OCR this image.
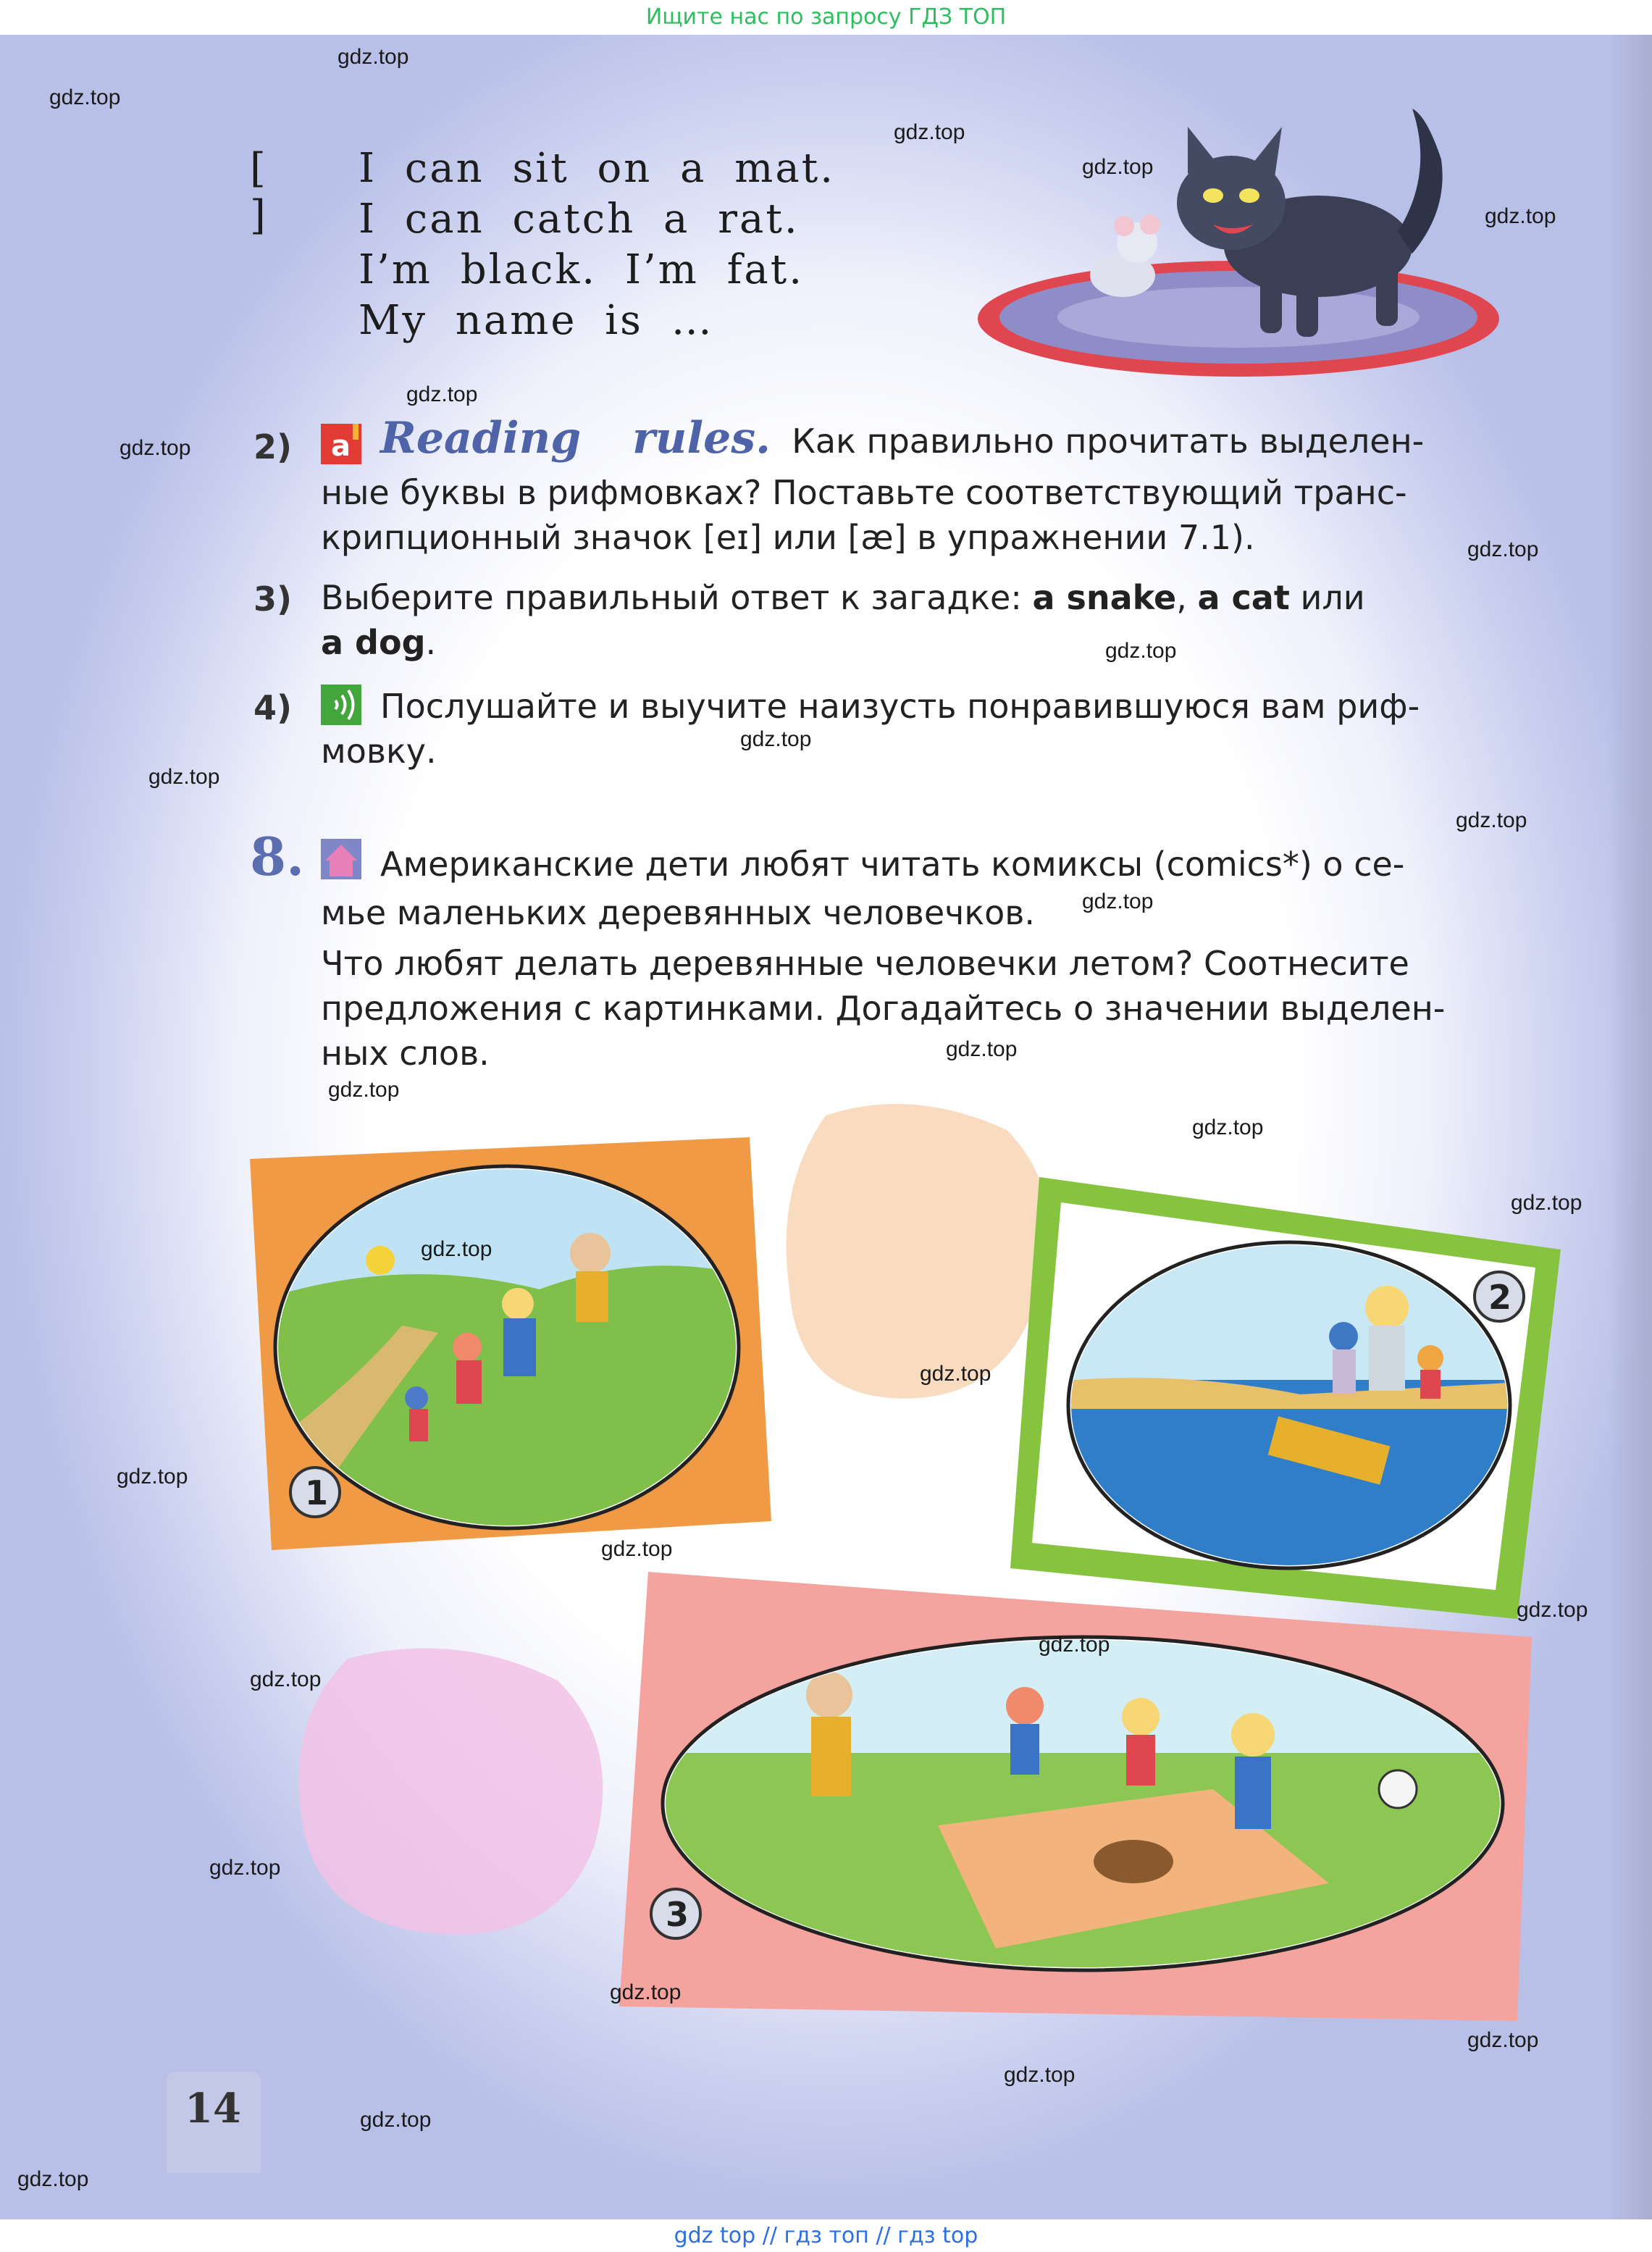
Ищите нас по запросу ГДЗ ТОП
[ ]
I can sit on a mat.
I can catch a rat.
I’m black. I’m fat.
My name is …
2) a Reading rules. Как правильно прочитать выделен-
ные буквы в рифмовках? Поставьте соответствующий транс-
крипционный значок [eɪ] или [æ] в упражнении 7.1).
3) Выберите правильный ответ к загадке: a snake, a cat или
a dog.
4)	Послушайте и выучите наизусть понравившуюся вам риф-
мовку.
8. Американские дети любят читать комиксы (comics*) о се-
мье маленьких деревянных человечков.
Что любят делать деревянные человечки летом? Соотнесите
предложения с картинками. Догадайтесь о значении выделен-
ных слов.
1
2
3
14
gdz.top
gdz.top
gdz.top
gdz.top
gdz.top
gdz.top
gdz.top
gdz.top
gdz.top
gdz.top
gdz.top
gdz.top
gdz.top
gdz.top
gdz.top
gdz.top
gdz.top
gdz.top
gdz.top
gdz.top
gdz.top
gdz.top
gdz.top
gdz.top
gdz.top
gdz.top
gdz.top
gdz.top
gdz.top
gdz.top
gdz top // гдз топ // гдз top
